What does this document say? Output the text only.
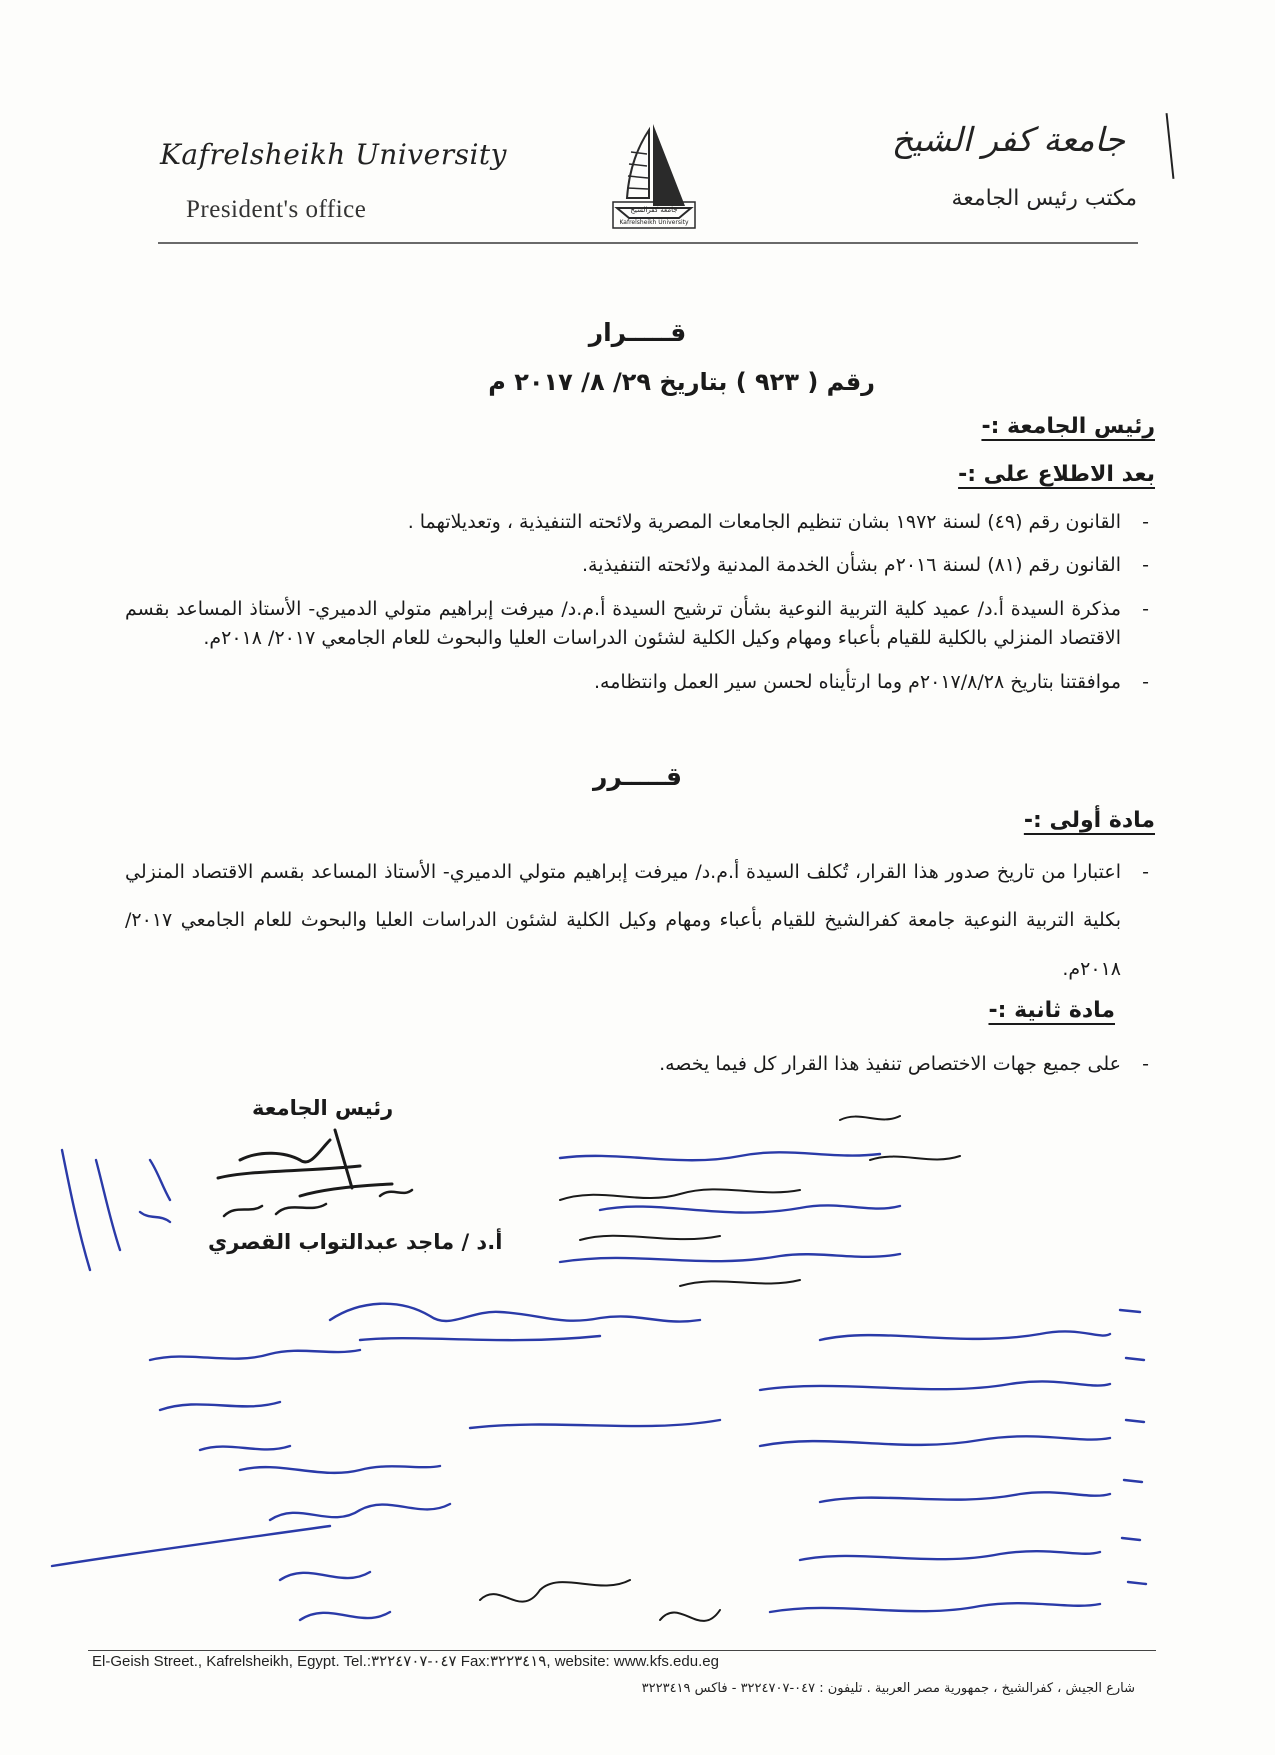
Kafrelsheikh University
President's office
جامعة كفر الشيخ
مكتب رئيس الجامعة
جامعة كفرالشيخ
Kafrelsheikh University
قـــــرار
رقم ( ٩٢٣ ) بتاريخ ٢٩/ ٨/ ٢٠١٧ م
رئيس الجامعة :-
بعد الاطلاع على :-
- القانون رقم (٤٩) لسنة ١٩٧٢ بشان تنظيم الجامعات المصرية ولائحته التنفيذية ، وتعديلاتهما .
- القانون رقم (٨١) لسنة ٢٠١٦م بشأن الخدمة المدنية ولائحته التنفيذية.
- مذكرة السيدة أ.د/ عميد كلية التربية النوعية بشأن ترشيح السيدة أ.م.د/ ميرفت إبراهيم متولي الدميري- الأستاذ المساعد بقسم الاقتصاد المنزلي بالكلية للقيام بأعباء ومهام وكيل الكلية لشئون الدراسات العليا والبحوث للعام الجامعي ٢٠١٧/ ٢٠١٨م.
- موافقتنا بتاريخ ٢٠١٧/٨/٢٨م وما ارتأيناه لحسن سير العمل وانتظامه.
قـــــرر
مادة أولى :-
- اعتبارا من تاريخ صدور هذا القرار، تُكلف السيدة أ.م.د/ ميرفت إبراهيم متولي الدميري- الأستاذ المساعد بقسم الاقتصاد المنزلي بكلية التربية النوعية جامعة كفرالشيخ للقيام بأعباء ومهام وكيل الكلية لشئون الدراسات العليا والبحوث للعام الجامعي ٢٠١٧/ ٢٠١٨م.
مادة ثانية :-
- على جميع جهات الاختصاص تنفيذ هذا القرار كل فيما يخصه.
رئيس الجامعة
أ.د / ماجد عبدالتواب القصري
El-Geish Street., Kafrelsheikh, Egypt. Tel.:٠٤٧-٣٢٢٤٧٠٧ Fax:٣٢٢٣٤١٩, website: www.kfs.edu.eg
شارع الجيش ، كفرالشيخ ، جمهورية مصر العربية . تليفون : ٠٤٧-٣٢٢٤٧٠٧ - فاكس ٣٢٢٣٤١٩
